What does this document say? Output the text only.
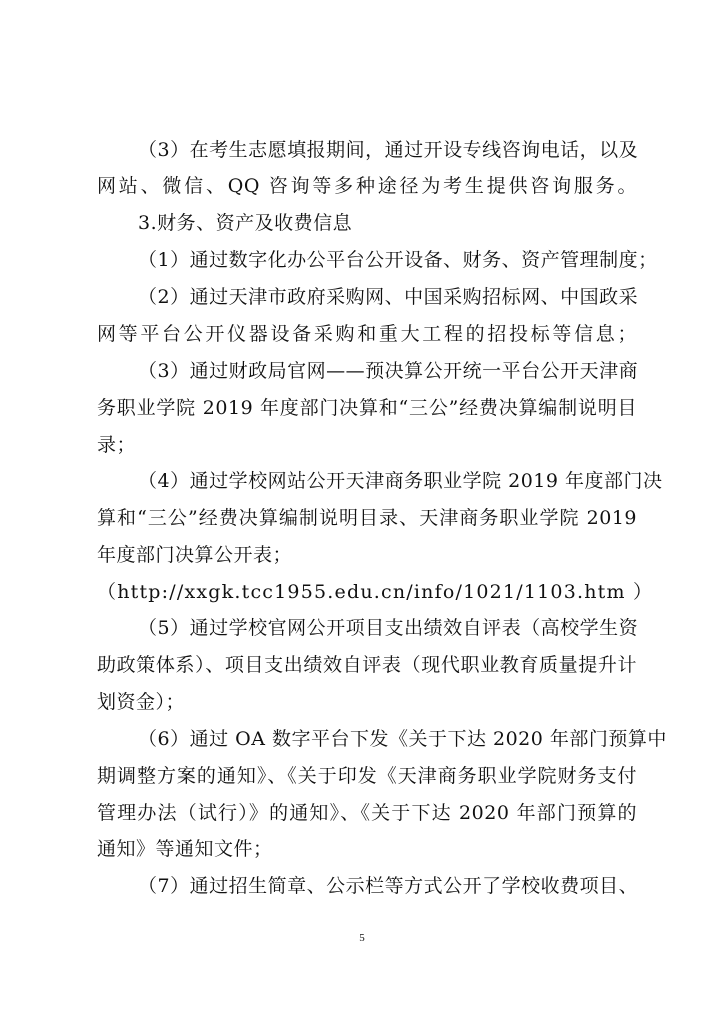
（3）在考生志愿填报期间，通过开设专线咨询电话，以及
网站、微信、QQ 咨询等多种途径为考生提供咨询服务。
3.财务、资产及收费信息
（1）通过数字化办公平台公开设备、财务、资产管理制度；
（2）通过天津市政府采购网、中国采购招标网、中国政采
网等平台公开仪器设备采购和重大工程的招投标等信息；
（3）通过财政局官网——预决算公开统一平台公开天津商
务职业学院 2019 年度部门决算和“三公”经费决算编制说明目
录；
（4）通过学校网站公开天津商务职业学院 2019 年度部门决
算和“三公”经费决算编制说明目录、天津商务职业学院 2019
年度部门决算公开表；
（http://xxgk.tcc1955.edu.cn/info/1021/1103.htm ）
（5）通过学校官网公开项目支出绩效自评表（高校学生资
助政策体系）、项目支出绩效自评表（现代职业教育质量提升计
划资金）；
（6）通过 OA 数字平台下发《关于下达 2020 年部门预算中
期调整方案的通知》、《关于印发《天津商务职业学院财务支付
管理办法（试行）》的通知》、《关于下达 2020 年部门预算的
通知》等通知文件；
（7）通过招生简章、公示栏等方式公开了学校收费项目、
5
